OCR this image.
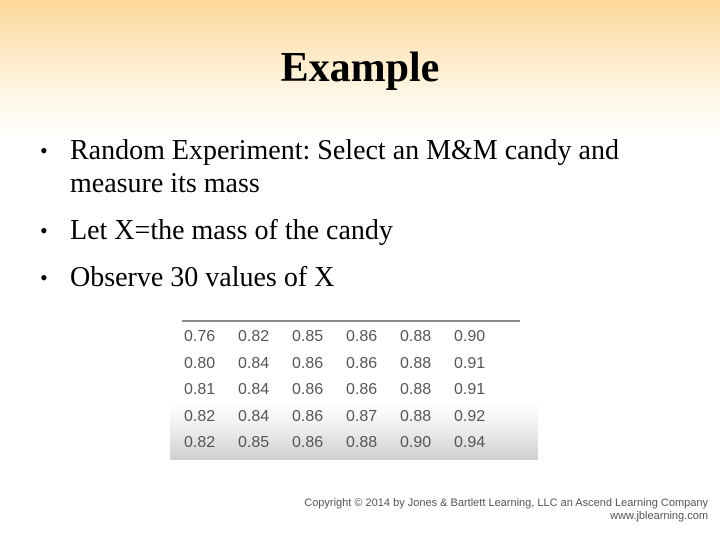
Example
• Random Experiment: Select an M&M candy and measure its mass
• Let X=the mass of the candy
• Observe 30 values of X
0.76	0.82	0.85	0.86	0.88	0.90
0.80	0.84	0.86	0.86	0.88	0.91
0.81	0.84	0.86	0.86	0.88	0.91
0.82	0.84	0.86	0.87	0.88	0.92
0.82	0.85	0.86	0.88	0.90	0.94
Copyright © 2014 by Jones & Bartlett Learning, LLC an Ascend Learning Company
www.jblearning.com
